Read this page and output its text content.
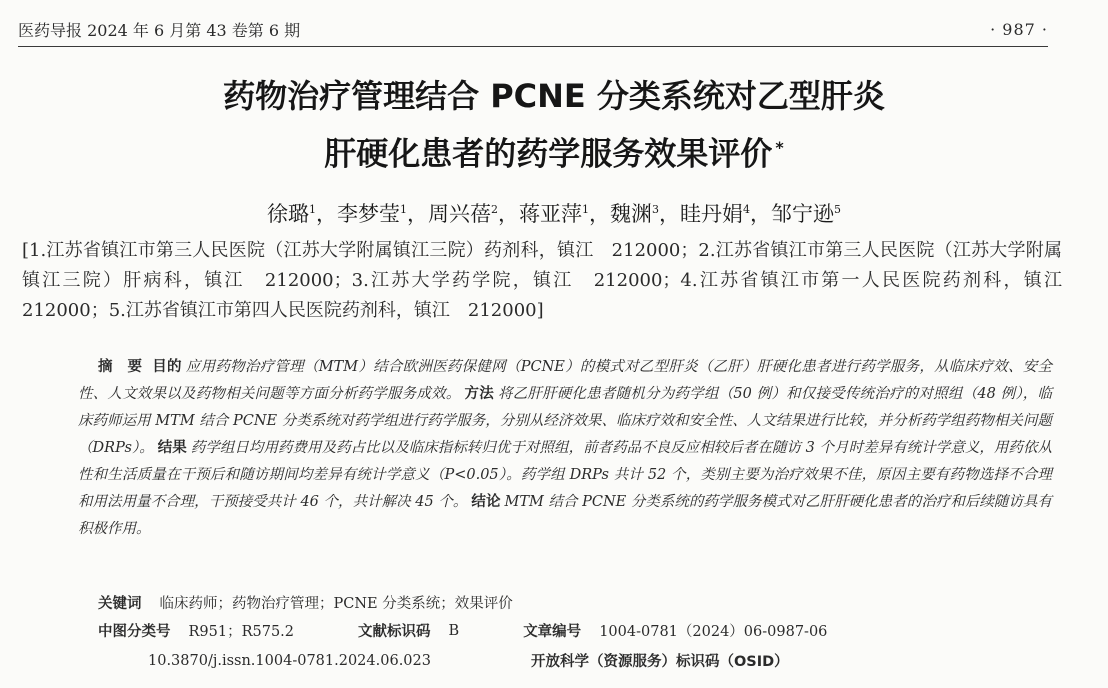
医药导报 2024 年 6 月第 43 卷第 6 期	· 987 ·
药物治疗管理结合 PCNE 分类系统对乙型肝炎
肝硬化患者的药学服务效果评价 *
徐璐$^1$，李梦莹$^1$，周兴蓓$^2$，蒋亚萍$^1$，魏渊$^3$，眭丹娟$^4$，邹宁逊$^5$
[1.江苏省镇江市第三人民医院（江苏大学附属镇江三院）药剂科，镇江　212000；2.江苏省镇江市第三人民医院（江苏大学附属镇江三院）肝病科，镇江　212000；3.江苏大学药学院，镇江　212000；4.江苏省镇江市第一人民医院药剂科，镇江　212000；5.江苏省镇江市第四人民医院药剂科，镇江　212000]
摘　要 目的 应用药物治疗管理（MTM）结合欧洲医药保健网（PCNE）的模式对乙型肝炎（乙肝）肝硬化患者进行药学服务，从临床疗效、安全性、人文效果以及药物相关问题等方面分析药学服务成效。 方法 将乙肝肝硬化患者随机分为药学组（50 例）和仅接受传统治疗的对照组（48 例），临床药师运用 MTM 结合 PCNE 分类系统对药学组进行药学服务，分别从经济效果、临床疗效和安全性、人文结果进行比较，并分析药学组药物相关问题（DRPs）。 结果 药学组日均用药费用及药占比以及临床指标转归优于对照组，前者药品不良反应相较后者在随访 3 个月时差异有统计学意义，用药依从性和生活质量在干预后和随访期间均差异有统计学意义（P<0.05）。药学组 DRPs 共计 52 个，类别主要为治疗效果不佳，原因主要有药物选择不合理和用法用量不合理，干预接受共计 46 个，共计解决 45 个。 结论 MTM 结合 PCNE 分类系统的药学服务模式对乙肝肝硬化患者的治疗和后续随访具有积极作用。
关键词 临床药师；药物治疗管理；PCNE 分类系统；效果评价
中图分类号 R951；R575.2	文献标识码 B	文章编号 1004-0781（2024）06-0987-06
10.3870/j.issn.1004-0781.2024.06.023	开放科学（资源服务）标识码（OSID）
